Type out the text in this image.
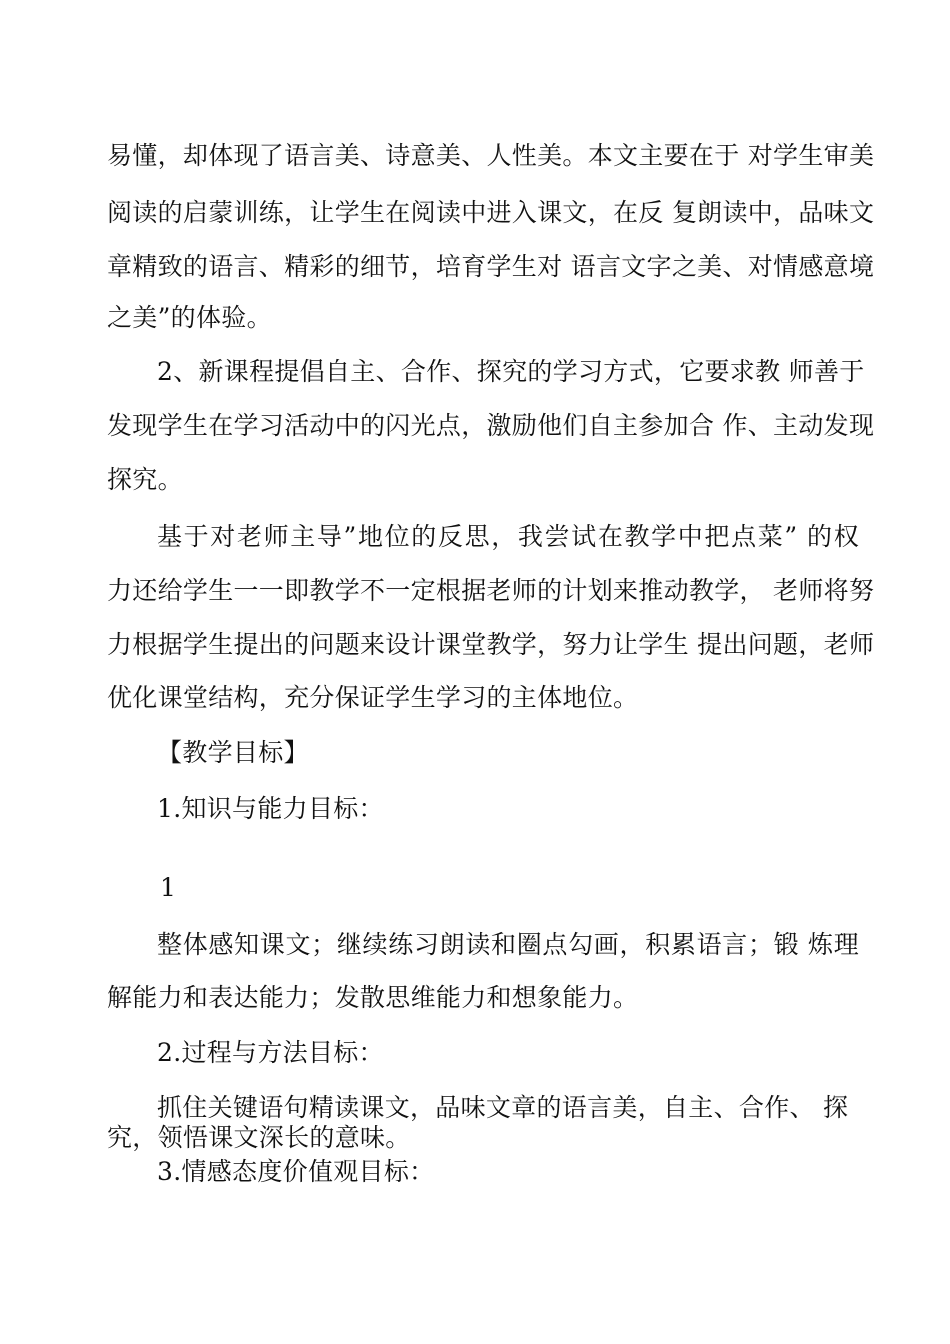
易懂，却体现了语言美、诗意美、人性美。本文主要在于 对学生审美
阅读的启蒙训练，让学生在阅读中进入课文，在反 复朗读中，品味文
章精致的语言、精彩的细节，培育学生对 语言文字之美、对情感意境
之美”的体验。
2、新课程提倡自主、合作、探究的学习方式，它要求教 师善于
发现学生在学习活动中的闪光点，激励他们自主参加合 作、主动发现
探究。
基于对老师主导”地位的反思，我尝试在教学中把点菜” 的权
力还给学生一一即教学不一定根据老师的计划来推动教学， 老师将努
力根据学生提出的问题来设计课堂教学，努力让学生 提出问题，老师
优化课堂结构，充分保证学生学习的主体地位。
【教学目标】
1.知识与能力目标：
1
整体感知课文；继续练习朗读和圈点勾画，积累语言；锻 炼理
解能力和表达能力；发散思维能力和想象能力。
2.过程与方法目标：
抓住关键语句精读课文，品味文章的语言美，自主、合作、 探
究，领悟课文深长的意味。
3.情感态度价值观目标：
